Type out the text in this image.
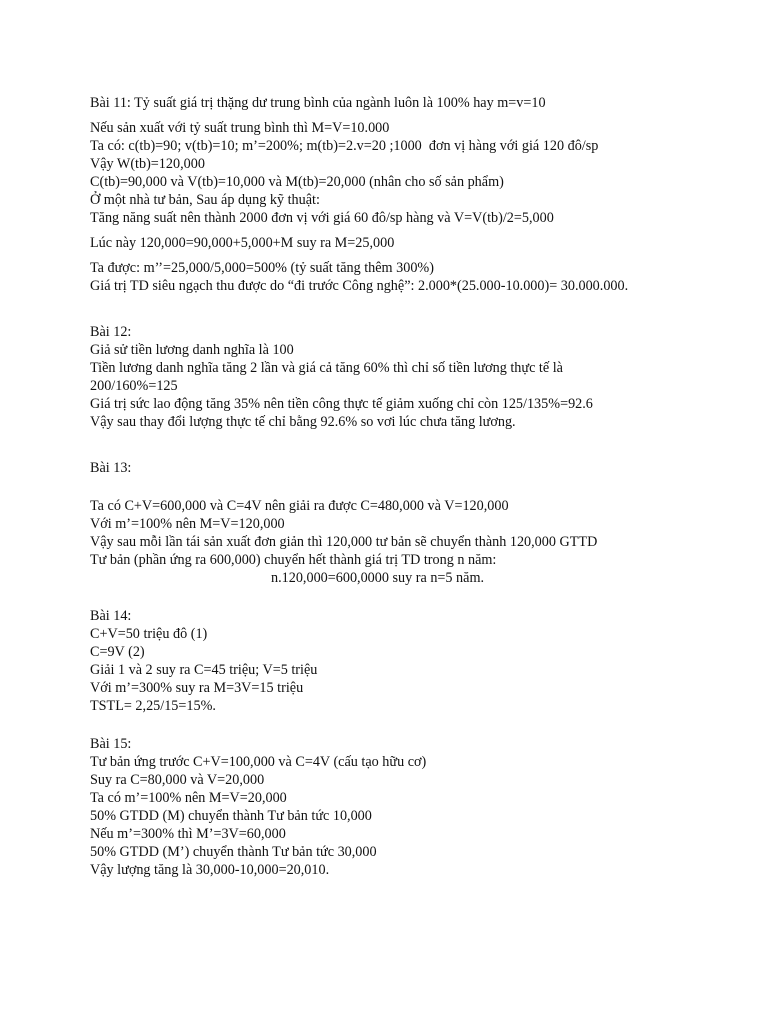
Bài 11: Tỷ suất giá trị thặng dư trung bình của ngành luôn là 100% hay m=v=10
Nếu sản xuất với tỷ suất trung bình thì M=V=10.000
Ta có: c(tb)=90; v(tb)=10; m’=200%; m(tb)=2.v=20 ;1000  đơn vị hàng với giá 120 đô/sp
Vậy W(tb)=120,000
C(tb)=90,000 và V(tb)=10,000 và M(tb)=20,000 (nhân cho số sản phẩm)
Ở một nhà tư bản, Sau áp dụng kỹ thuật:
Tăng năng suất nên thành 2000 đơn vị với giá 60 đô/sp hàng và V=V(tb)/2=5,000
Lúc này 120,000=90,000+5,000+M suy ra M=25,000
Ta được: m’’=25,000/5,000=500% (tỷ suất tăng thêm 300%)
Giá trị TD siêu ngạch thu được do “đi trước Công nghệ”: 2.000*(25.000-10.000)= 30.000.000.
Bài 12:
Giả sử tiền lương danh nghĩa là 100
Tiền lương danh nghĩa tăng 2 lần và giá cả tăng 60% thì chỉ số tiền lương thực tế là
200/160%=125
Giá trị sức lao động tăng 35% nên tiền công thực tế giảm xuống chỉ còn 125/135%=92.6
Vậy sau thay đổi lượng thực tế chỉ bằng 92.6% so vơi lúc chưa tăng lương.
Bài 13:
Ta có C+V=600,000 và C=4V nên giải ra được C=480,000 và V=120,000
Với m’=100% nên M=V=120,000
Vậy sau mỗi lần tái sản xuất đơn giản thì 120,000 tư bản sẽ chuyển thành 120,000 GTTD
Tư bản (phần ứng ra 600,000) chuyển hết thành giá trị TD trong n năm:
n.120,000=600,0000 suy ra n=5 năm.
Bài 14:
C+V=50 triệu đô (1)
C=9V (2)
Giải 1 và 2 suy ra C=45 triệu; V=5 triệu
Với m’=300% suy ra M=3V=15 triệu
TSTL= 2,25/15=15%.
Bài 15:
Tư bản ứng trước C+V=100,000 và C=4V (cấu tạo hữu cơ)
Suy ra C=80,000 và V=20,000
Ta có m’=100% nên M=V=20,000
50% GTDD (M) chuyển thành Tư bản tức 10,000
Nếu m’=300% thì M’=3V=60,000
50% GTDD (M’) chuyển thành Tư bản tức 30,000
Vậy lượng tăng là 30,000-10,000=20,010.
